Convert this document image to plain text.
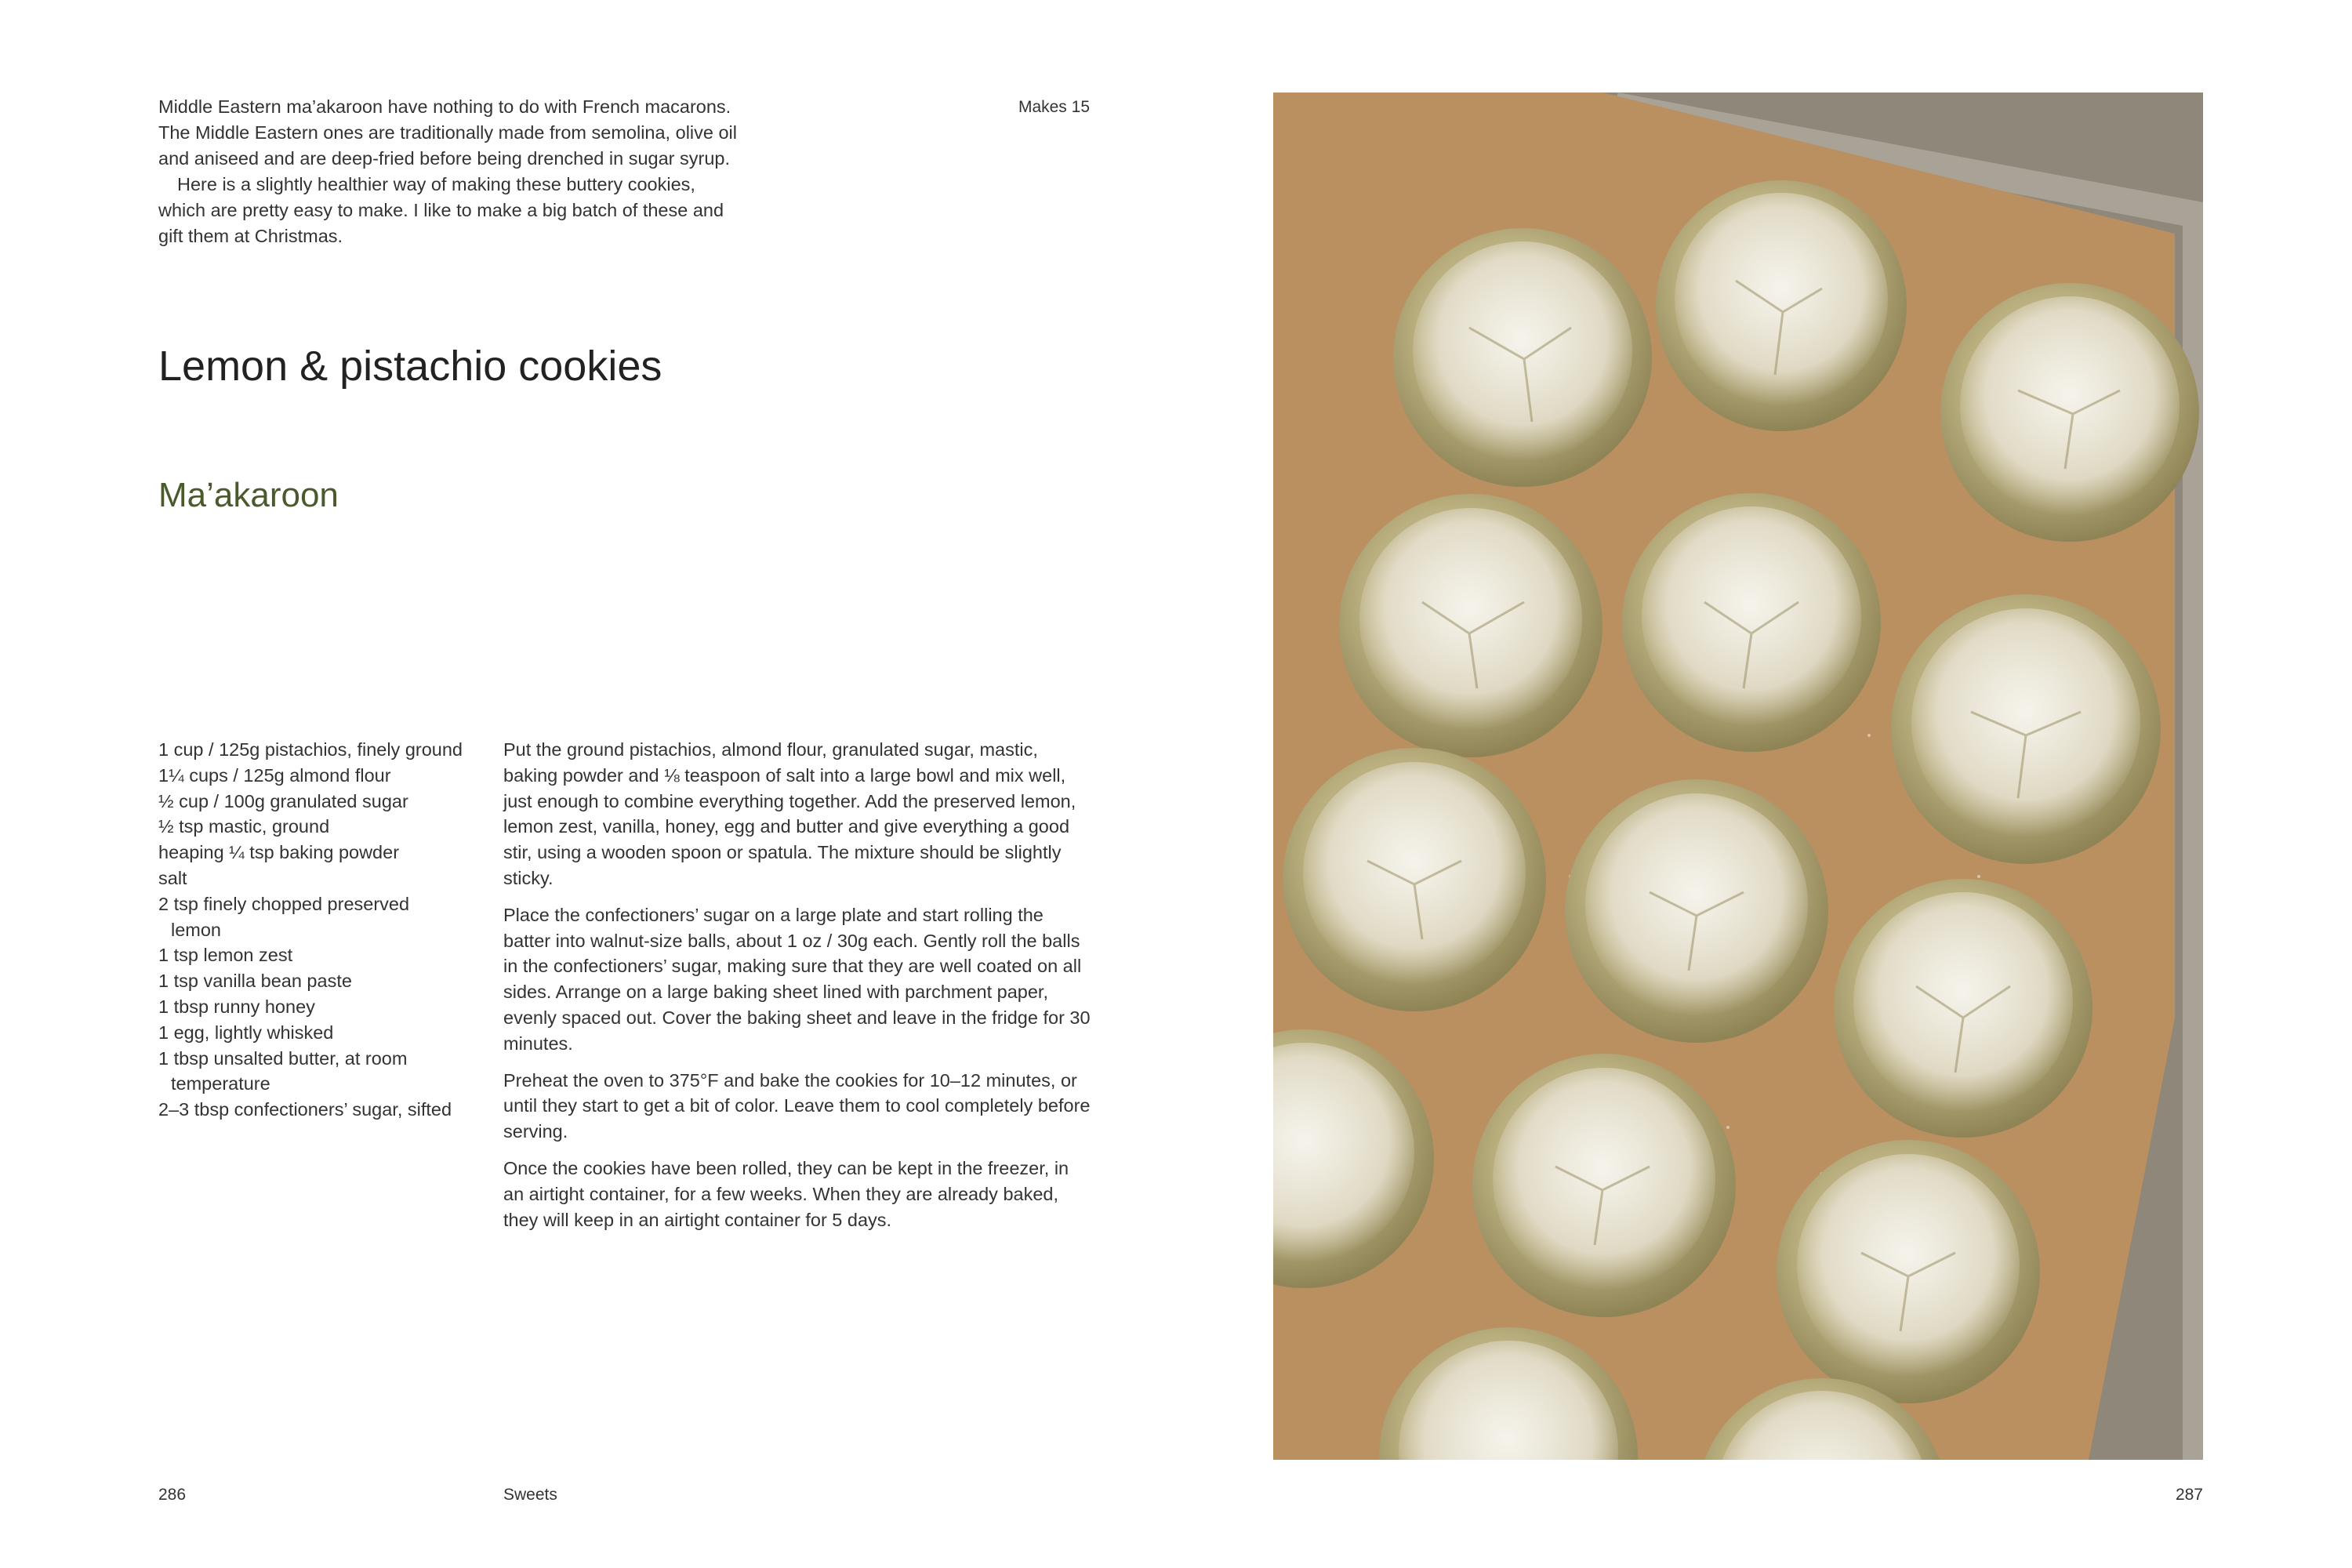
Middle Eastern ma’akaroon have nothing to do with French macarons. The Middle Eastern ones are traditionally made from semolina, olive oil and aniseed and are deep-fried before being drenched in sugar syrup.

Here is a slightly healthier way of making these buttery cookies, which are pretty easy to make. I like to make a big batch of these and gift them at Christmas.

Makes 15
Lemon & pistachio cookies
Ma’akaroon
1 cup / 125g pistachios, finely ground
1¼ cups / 125g almond flour
½ cup / 100g granulated sugar
½ tsp mastic, ground
heaping ¼ tsp baking powder
salt
2 tsp finely chopped preserved lemon
1 tsp lemon zest
1 tsp vanilla bean paste
1 tbsp runny honey
1 egg, lightly whisked
1 tbsp unsalted butter, at room temperature
2–3 tbsp confectioners’ sugar, sifted

Put the ground pistachios, almond flour, granulated sugar, mastic, baking powder and ⅛ teaspoon of salt into a large bowl and mix well, just enough to combine everything together. Add the preserved lemon, lemon zest, vanilla, honey, egg and butter and give everything a good stir, using a wooden spoon or spatula. The mixture should be slightly sticky.

Place the confectioners’ sugar on a large plate and start rolling the batter into walnut-size balls, about 1 oz / 30g each. Gently roll the balls in the confectioners’ sugar, making sure that they are well coated on all sides. Arrange on a large baking sheet lined with parchment paper, evenly spaced out. Cover the baking sheet and leave in the fridge for 30 minutes.

Preheat the oven to 375°F and bake the cookies for 10–12 minutes, or until they start to get a bit of color. Leave them to cool completely before serving.

Once the cookies have been rolled, they can be kept in the freezer, in an airtight container, for a few weeks. When they are already baked, they will keep in an airtight container for 5 days.

286	Sweets	287
